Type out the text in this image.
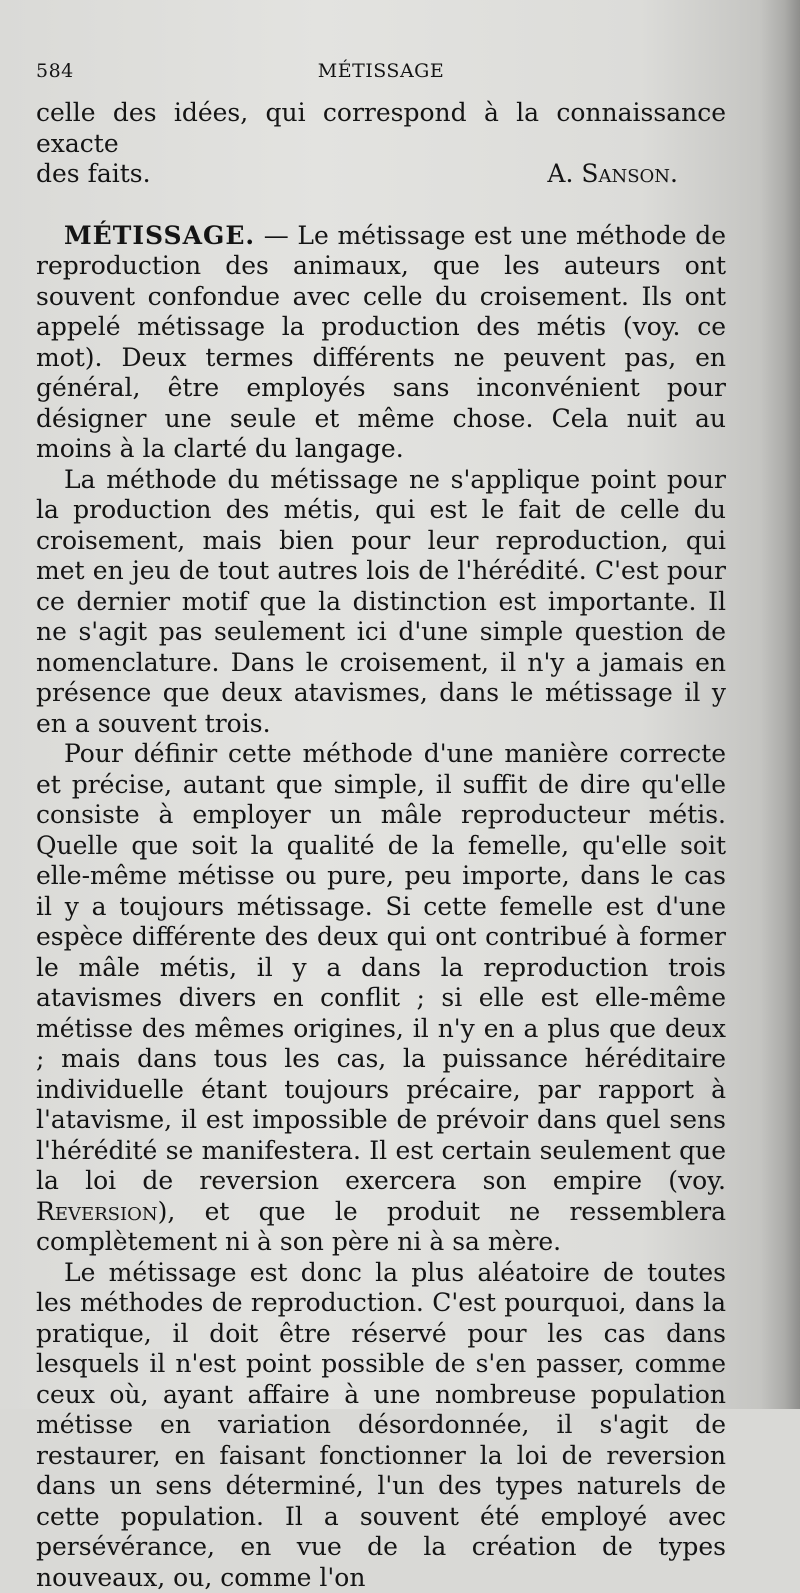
584	MÉTISSAGE

celle des idées, qui correspond à la connaissance exacte

des faits.	A. Sanson.

MÉTISSAGE. — Le métissage est une méthode de reproduction des animaux, que les auteurs ont souvent confondue avec celle du croisement. Ils ont appelé métissage la production des métis (voy. ce mot). Deux termes différents ne peuvent pas, en général, être employés sans inconvénient pour désigner une seule et même chose. Cela nuit au moins à la clarté du langage.

La méthode du métissage ne s'applique point pour la production des métis, qui est le fait de celle du croisement, mais bien pour leur reproduction, qui met en jeu de tout autres lois de l'hérédité. C'est pour ce dernier motif que la distinction est importante. Il ne s'agit pas seulement ici d'une simple question de nomenclature. Dans le croisement, il n'y a jamais en présence que deux atavismes, dans le métissage il y en a souvent trois.

Pour définir cette méthode d'une manière correcte et précise, autant que simple, il suffit de dire qu'elle consiste à employer un mâle reproducteur métis. Quelle que soit la qualité de la femelle, qu'elle soit elle-même métisse ou pure, peu importe, dans le cas il y a toujours métissage. Si cette femelle est d'une espèce différente des deux qui ont contribué à former le mâle métis, il y a dans la reproduction trois atavismes divers en conflit ; si elle est elle-même métisse des mêmes origines, il n'y en a plus que deux ; mais dans tous les cas, la puissance héréditaire individuelle étant toujours précaire, par rapport à l'atavisme, il est impossible de prévoir dans quel sens l'hérédité se manifestera. Il est certain seulement que la loi de reversion exercera son empire (voy. Reversion), et que le produit ne ressemblera complètement ni à son père ni à sa mère.

Le métissage est donc la plus aléatoire de toutes les méthodes de reproduction. C'est pourquoi, dans la pratique, il doit être réservé pour les cas dans lesquels il n'est point possible de s'en passer, comme ceux où, ayant affaire à une nombreuse population métisse en variation désordonnée, il s'agit de restaurer, en faisant fonctionner la loi de reversion dans un sens déterminé, l'un des types naturels de cette population. Il a souvent été employé avec persévérance, en vue de la création de types nouveaux, ou, comme l'on
